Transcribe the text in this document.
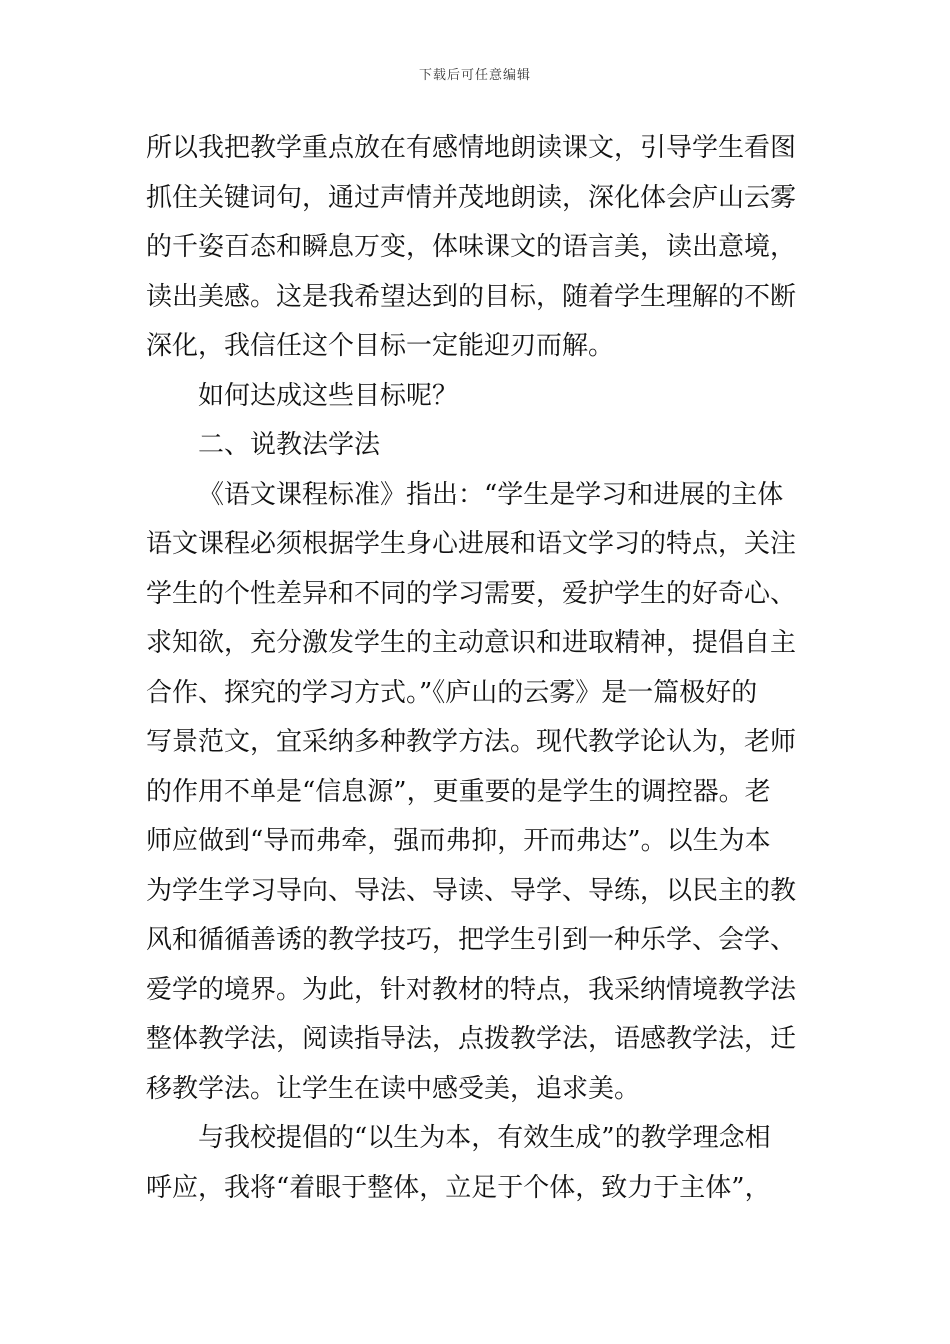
下载后可任意编辑
所以我把教学重点放在有感情地朗读课文，引导学生看图
抓住关键词句，通过声情并茂地朗读，深化体会庐山云雾
的千姿百态和瞬息万变，体味课文的语言美，读出意境，
读出美感。这是我希望达到的目标，随着学生理解的不断
深化，我信任这个目标一定能迎刃而解。
如何达成这些目标呢？
二、说教法学法
《语文课程标准》指出：“学生是学习和进展的主体
语文课程必须根据学生身心进展和语文学习的特点，关注
学生的个性差异和不同的学习需要，爱护学生的好奇心、
求知欲，充分激发学生的主动意识和进取精神，提倡自主
合作、探究的学习方式。”《庐山的云雾》是一篇极好的
写景范文，宜采纳多种教学方法。现代教学论认为，老师
的作用不单是“信息源”，更重要的是学生的调控器。老
师应做到“导而弗牵，强而弗抑，开而弗达”。以生为本
为学生学习导向、导法、导读、导学、导练，以民主的教
风和循循善诱的教学技巧，把学生引到一种乐学、会学、
爱学的境界。为此，针对教材的特点，我采纳情境教学法
整体教学法，阅读指导法，点拨教学法，语感教学法，迁
移教学法。让学生在读中感受美，追求美。
与我校提倡的“以生为本，有效生成”的教学理念相
呼应，我将“着眼于整体，立足于个体，致力于主体”，
